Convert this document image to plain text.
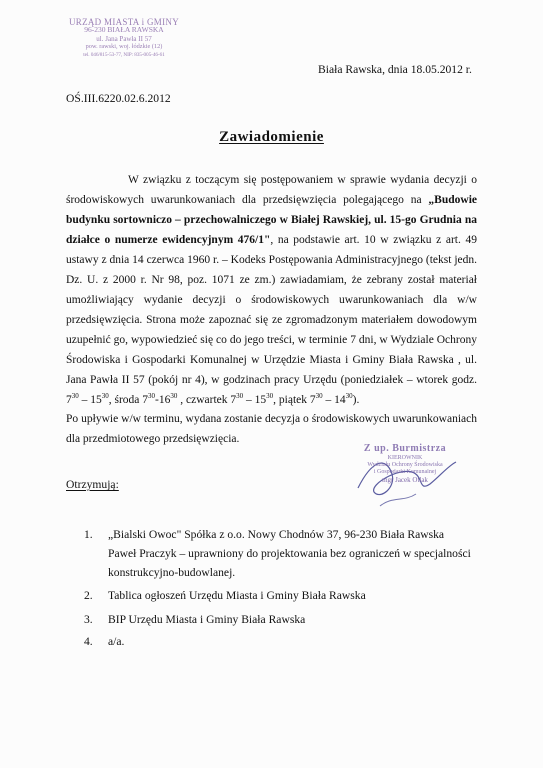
URZĄD MIASTA i GMINY
96-230 BIAŁA RAWSKA
ul. Jana Pawła II 57
pow. rawski, woj. łódzkie (12)
tel. 046/815-53-77, NIP: 835-005-46-61
Biała Rawska, dnia 18.05.2012 r.
OŚ.III.6220.02.6.2012
Zawiadomienie

W związku z toczącym się postępowaniem w sprawie wydania decyzji o środowiskowych uwarunkowaniach dla przedsięwzięcia polegającego na „Budowie budynku sortowniczo – przechowalniczego w Białej Rawskiej, ul. 15-go Grudnia na działce o numerze ewidencyjnym 476/1", na podstawie art. 10 w związku z art. 49 ustawy z dnia 14 czerwca 1960 r. – Kodeks Postępowania Administracyjnego (tekst jedn. Dz. U. z 2000 r. Nr 98, poz. 1071 ze zm.) zawiadamiam, że zebrany został materiał umożliwiający wydanie decyzji o środowiskowych uwarunkowaniach dla w/w przedsięwzięcia. Strona może zapoznać się ze zgromadzonym materiałem dowodowym uzupełnić go, wypowiedzieć się co do jego treści, w terminie 7 dni, w Wydziale Ochrony Środowiska i Gospodarki Komunalnej w Urzędzie Miasta i Gminy Biała Rawska , ul. Jana Pawła II 57 (pokój nr 4), w godzinach pracy Urzędu (poniedziałek – wtorek godz. $7^{30} - 15^{30}$, środa $7^{30}-16^{30}$ , czwartek $7^{30} - 15^{30}$, piątek $7^{30} - 14^{30}$).

Po upływie w/w terminu, wydana zostanie decyzja o środowiskowych uwarunkowaniach dla przedmiotowego przedsięwzięcia.

Z up. Burmistrza
KIEROWNIK
Wydziału Ochrony Środowiska
i Gospodarki Komunalnej
mgr Jacek Otlak
Otrzymują:
1. „Bialski Owoc" Spółka z o.o. Nowy Chodnów 37, 96-230 Biała Rawska
Paweł Praczyk – uprawniony do projektowania bez ograniczeń w specjalności konstrukcyjno-budowlanej.
2. Tablica ogłoszeń Urzędu Miasta i Gminy Biała Rawska
3. BIP Urzędu Miasta i Gminy Biała Rawska
4. a/a.
